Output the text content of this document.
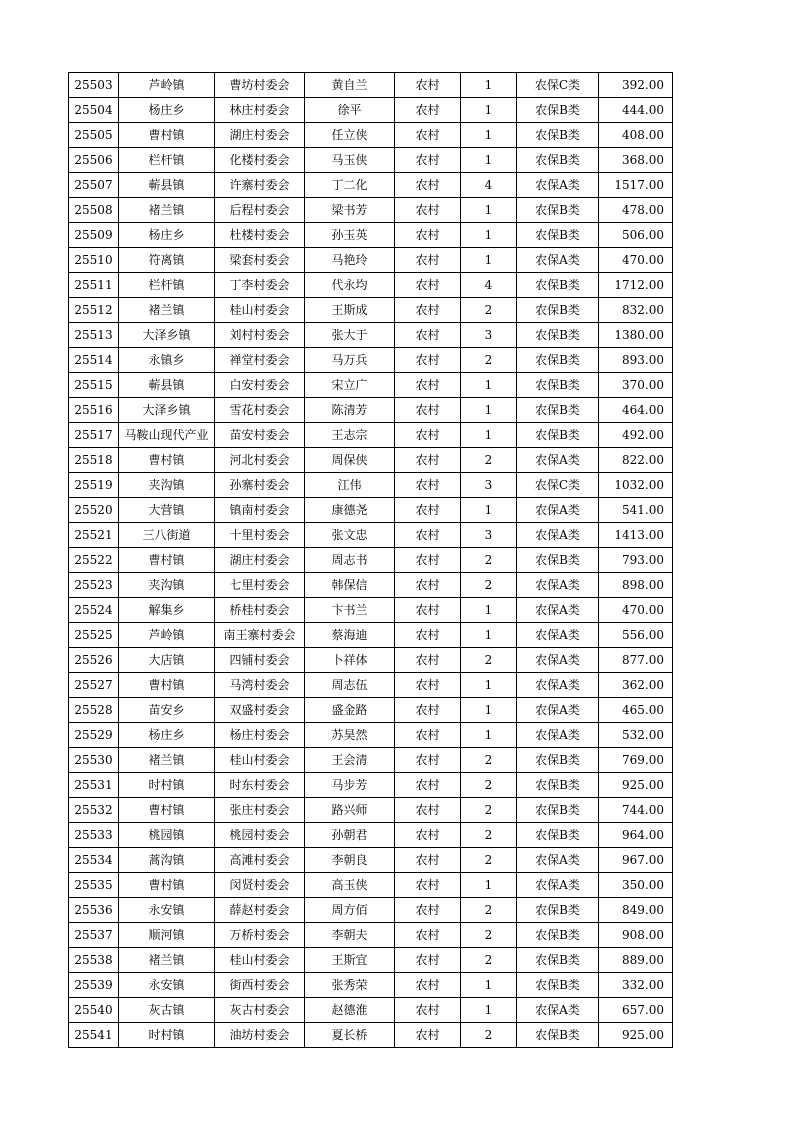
25503	芦岭镇	曹坊村委会	黄自兰	农村	1	农保C类	392.00
25504	杨庄乡	林庄村委会	徐平	农村	1	农保B类	444.00
25505	曹村镇	湖庄村委会	任立侠	农村	1	农保B类	408.00
25506	栏杆镇	化楼村委会	马玉侠	农村	1	农保B类	368.00
25507	蕲县镇	许寨村委会	丁二化	农村	4	农保A类	1517.00
25508	褚兰镇	后程村委会	梁书芳	农村	1	农保B类	478.00
25509	杨庄乡	杜楼村委会	孙玉英	农村	1	农保B类	506.00
25510	符离镇	梁套村委会	马艳玲	农村	1	农保A类	470.00
25511	栏杆镇	丁李村委会	代永均	农村	4	农保B类	1712.00
25512	褚兰镇	桂山村委会	王斯成	农村	2	农保B类	832.00
25513	大泽乡镇	刘村村委会	张大于	农村	3	农保B类	1380.00
25514	永镇乡	禅堂村委会	马万兵	农村	2	农保B类	893.00
25515	蕲县镇	白安村委会	宋立广	农村	1	农保B类	370.00
25516	大泽乡镇	雪花村委会	陈清芳	农村	1	农保B类	464.00
25517	马鞍山现代产业	苗安村委会	王志宗	农村	1	农保B类	492.00
25518	曹村镇	河北村委会	周保侠	农村	2	农保A类	822.00
25519	夹沟镇	孙寨村委会	江伟	农村	3	农保C类	1032.00
25520	大营镇	镇南村委会	康德尧	农村	1	农保A类	541.00
25521	三八街道	十里村委会	张文忠	农村	3	农保A类	1413.00
25522	曹村镇	湖庄村委会	周志书	农村	2	农保B类	793.00
25523	夹沟镇	七里村委会	韩保信	农村	2	农保A类	898.00
25524	解集乡	桥桂村委会	卞书兰	农村	1	农保A类	470.00
25525	芦岭镇	南王寨村委会	蔡海迪	农村	1	农保A类	556.00
25526	大店镇	四铺村委会	卜祥体	农村	2	农保A类	877.00
25527	曹村镇	马湾村委会	周志伍	农村	1	农保A类	362.00
25528	苗安乡	双盛村委会	盛金路	农村	1	农保A类	465.00
25529	杨庄乡	杨庄村委会	苏昊然	农村	1	农保A类	532.00
25530	褚兰镇	桂山村委会	王会清	农村	2	农保B类	769.00
25531	时村镇	时东村委会	马步芳	农村	2	农保B类	925.00
25532	曹村镇	张庄村委会	路兴师	农村	2	农保B类	744.00
25533	桃园镇	桃园村委会	孙朝君	农村	2	农保B类	964.00
25534	蒿沟镇	高滩村委会	李朝良	农村	2	农保A类	967.00
25535	曹村镇	闵贤村委会	高玉侠	农村	1	农保A类	350.00
25536	永安镇	薛赵村委会	周方佰	农村	2	农保B类	849.00
25537	顺河镇	万桥村委会	李朝夫	农村	2	农保B类	908.00
25538	褚兰镇	桂山村委会	王斯宜	农村	2	农保B类	889.00
25539	永安镇	街西村委会	张秀荣	农村	1	农保B类	332.00
25540	灰古镇	灰古村委会	赵德淮	农村	1	农保A类	657.00
25541	时村镇	油坊村委会	夏长桥	农村	2	农保B类	925.00
